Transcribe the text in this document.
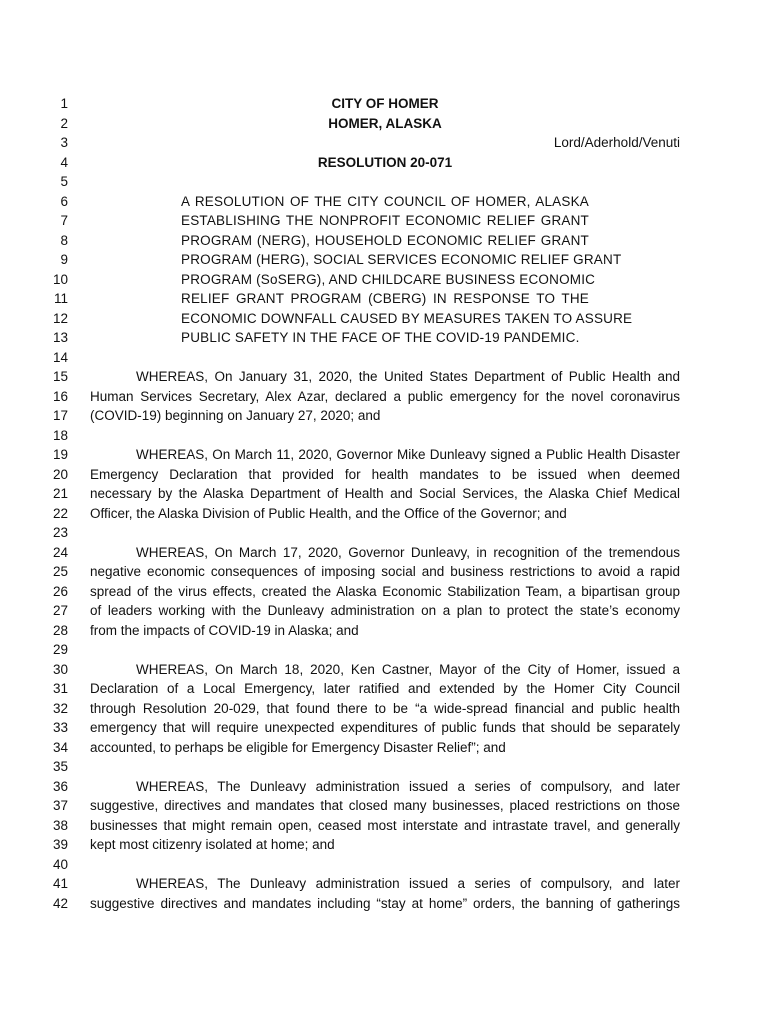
1
2
3
4
5
6
7
8
9
10
11
12
13
14
15
16
17
18
19
20
21
22
23
24
25
26
27
28
29
30
31
32
33
34
35
36
37
38
39
40
41
42
CITY OF HOMER
HOMER, ALASKA
Lord/Aderhold/Venuti
RESOLUTION 20-071
A RESOLUTION OF THE CITY COUNCIL OF HOMER, ALASKA
ESTABLISHING THE NONPROFIT ECONOMIC RELIEF GRANT
PROGRAM (NERG), HOUSEHOLD ECONOMIC RELIEF GRANT
PROGRAM (HERG), SOCIAL SERVICES ECONOMIC RELIEF GRANT
PROGRAM (SoSERG), AND CHILDCARE BUSINESS ECONOMIC
RELIEF GRANT PROGRAM (CBERG) IN RESPONSE TO THE
ECONOMIC DOWNFALL CAUSED BY MEASURES TAKEN TO ASSURE
PUBLIC SAFETY IN THE FACE OF THE COVID-19 PANDEMIC.
WHEREAS, On January 31, 2020, the United States Department of Public Health and
Human Services Secretary, Alex Azar, declared a public emergency for the novel coronavirus
(COVID-19) beginning on January 27, 2020; and
WHEREAS, On March 11, 2020, Governor Mike Dunleavy signed a Public Health Disaster
Emergency Declaration that provided for health mandates to be issued when deemed
necessary by the Alaska Department of Health and Social Services, the Alaska Chief Medical
Officer, the Alaska Division of Public Health, and the Office of the Governor; and
WHEREAS, On March 17, 2020, Governor Dunleavy, in recognition of the tremendous
negative economic consequences of imposing social and business restrictions to avoid a rapid
spread of the virus effects, created the Alaska Economic Stabilization Team, a bipartisan group
of leaders working with the Dunleavy administration on a plan to protect the state’s economy
from the impacts of COVID-19 in Alaska; and
WHEREAS, On March 18, 2020, Ken Castner, Mayor of the City of Homer, issued a
Declaration of a Local Emergency, later ratified and extended by the Homer City Council
through Resolution 20-029, that found there to be “a wide-spread financial and public health
emergency that will require unexpected expenditures of public funds that should be separately
accounted, to perhaps be eligible for Emergency Disaster Relief”; and
WHEREAS, The Dunleavy administration issued a series of compulsory, and later
suggestive, directives and mandates that closed many businesses, placed restrictions on those
businesses that might remain open, ceased most interstate and intrastate travel, and generally
kept most citizenry isolated at home; and
WHEREAS, The Dunleavy administration issued a series of compulsory, and later
suggestive directives and mandates including “stay at home” orders, the banning of gatherings
